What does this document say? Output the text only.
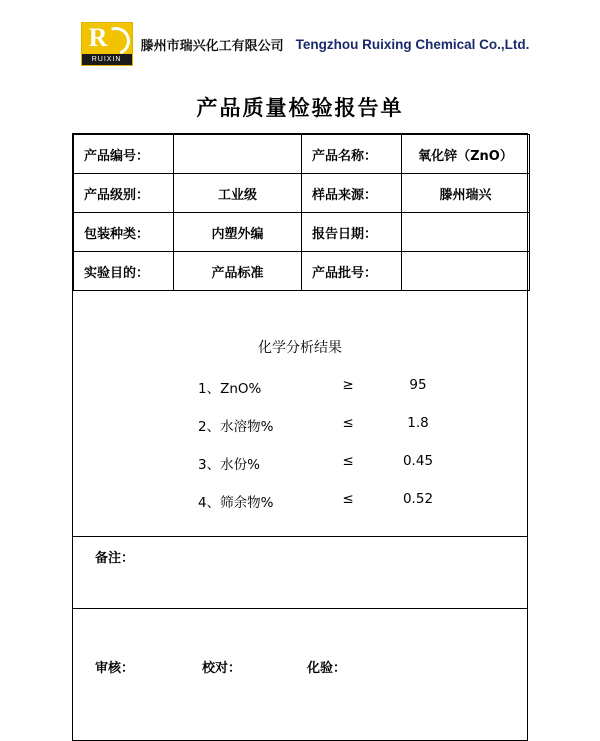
R
RUIXIN
滕州市瑞兴化工有限公司 Tengzhou Ruixing Chemical Co.,Ltd.
产品质量检验报告单
产品编号：		产品名称：	氧化锌（ZnO）
产品级别：	工业级	样品来源：	滕州瑞兴
包装种类：	内塑外编	报告日期：	
实验目的：	产品标准	产品批号：	
化学分析结果
1、ZnO%	≥	95
2、水溶物%	≤	1.8
3、水份%	≤	0.45
4、筛余物%	≤	0.52
备注：
审核：	校对：	化验：
